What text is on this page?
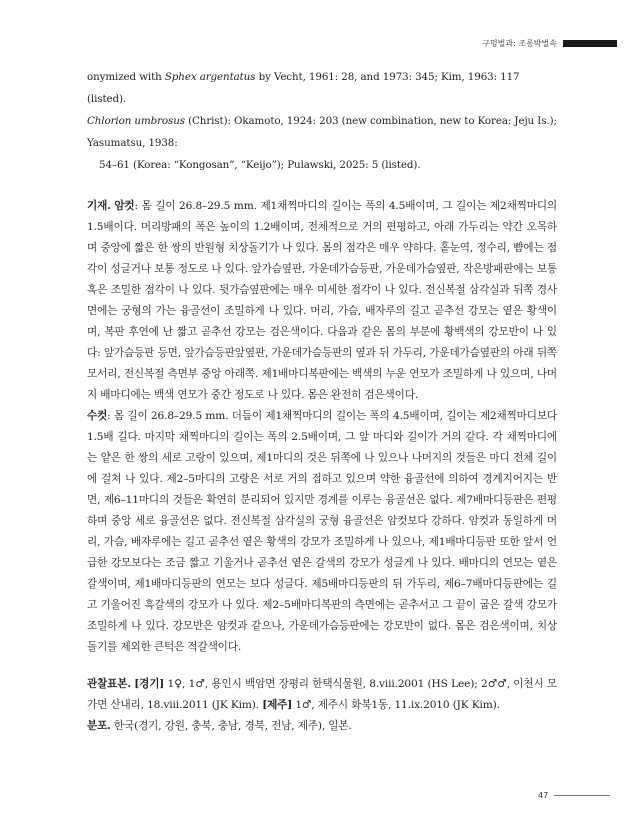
구멍벌과: 조롱박벌속

onymized with Sphex argentatus by Vecht, 1961: 28, and 1973: 345; Kim, 1963: 117 (listed).

Chlorion umbrosus (Christ): Okamoto, 1924: 203 (new combination, new to Korea: Jeju Is.); Yasumatsu, 1938:

54–61 (Korea: “Kongosan”, “Keijo”); Pulawski, 2025: 5 (listed).

기재. 암컷: 몸 길이 26.8–29.5 mm. 제1채찍마디의 길이는 폭의 4.5배이며, 그 길이는 제2채찍마디의 1.5배이다. 머리방패의 폭은 높이의 1.2배이며, 전체적으로 거의 편평하고, 아래 가두리는 약간 오목하며 중앙에 짧은 한 쌍의 반원형 치상돌기가 나 있다. 몸의 점각은 매우 약하다. 홑눈역, 정수리, 뺨에는 점각이 성글거나 보통 정도로 나 있다. 앞가슴옆판, 가운데가슴등판, 가운데가슴옆판, 작은방패판에는 보통 혹은 조밀한 점각이 나 있다. 뒷가슴옆판에는 매우 미세한 점각이 나 있다. 전신복절 삼각실과 뒤쪽 경사면에는 궁형의 가는 융골선이 조밀하게 나 있다. 머리, 가슴, 배자루의 길고 곧추선 강모는 옅은 황색이며, 복판 후연에 난 짧고 곧추선 강모는 검은색이다. 다음과 같은 몸의 부분에 황백색의 강모반이 나 있다: 앞가슴등판 등면, 앞가슴등판앞옆판, 가운데가슴등판의 옆과 뒤 가두리, 가운데가슴옆판의 아래 뒤쪽 모서리, 전신복절 측면부 중앙 아래쪽. 제1배마디복판에는 백색의 누운 연모가 조밀하게 나 있으며, 나머지 배마디에는 백색 연모가 중간 정도로 나 있다. 몸은 완전히 검은색이다.

수컷: 몸 길이 26.8–29.5 mm. 더듬이 제1채찍마디의 길이는 폭의 4.5배이며, 길이는 제2채찍마디보다 1.5배 길다. 마지막 채찍마디의 길이는 폭의 2.5배이며, 그 앞 마디와 길이가 거의 같다. 각 채찍마디에는 얕은 한 쌍의 세로 고랑이 있으며, 제1마디의 것은 뒤쪽에 나 있으나 나머지의 것들은 마디 전체 길이에 걸쳐 나 있다. 제2–5마디의 고랑은 서로 거의 접하고 있으며 약한 융골선에 의하여 경계지어지는 반면, 제6–11마디의 것들은 확연히 분리되어 있지만 경계를 이루는 융골선은 없다. 제7배마디등판은 편평하며 중앙 세로 융골선은 없다. 전신복절 삼각실의 궁형 융골선은 암컷보다 강하다. 암컷과 동일하게 머리, 가슴, 배자루에는 길고 곧추선 옅은 황색의 강모가 조밀하게 나 있으나, 제1배마디등판 또한 앞서 언급한 강모보다는 조금 짧고 기울거나 곧추선 옅은 갈색의 강모가 성글게 나 있다. 배마디의 연모는 옅은 갈색이며, 제1배마디등판의 연모는 보다 성글다. 제5배마디등판의 뒤 가두리, 제6–7배마디등판에는 길고 기울어진 흑갈색의 강모가 나 있다. 제2–5배마디복판의 측면에는 곧추서고 그 끝이 굽은 갈색 강모가 조밀하게 나 있다. 강모반은 암컷과 같으나, 가운데가슴등판에는 강모반이 없다. 몸은 검은색이며, 치상돌기를 제외한 큰턱은 적갈색이다.

관찰표본. [경기] 1♀, 1♂, 용인시 백암면 장평리 한택식물원, 8.viii.2001 (HS Lee); 2♂♂, 이천시 모가면 산내리, 18.viii.2011 (JK Kim). [제주] 1♂, 제주시 화북1동, 11.ix.2010 (JK Kim).

분포. 한국(경기, 강원, 충북, 충남, 경북, 전남, 제주), 일본.

47
